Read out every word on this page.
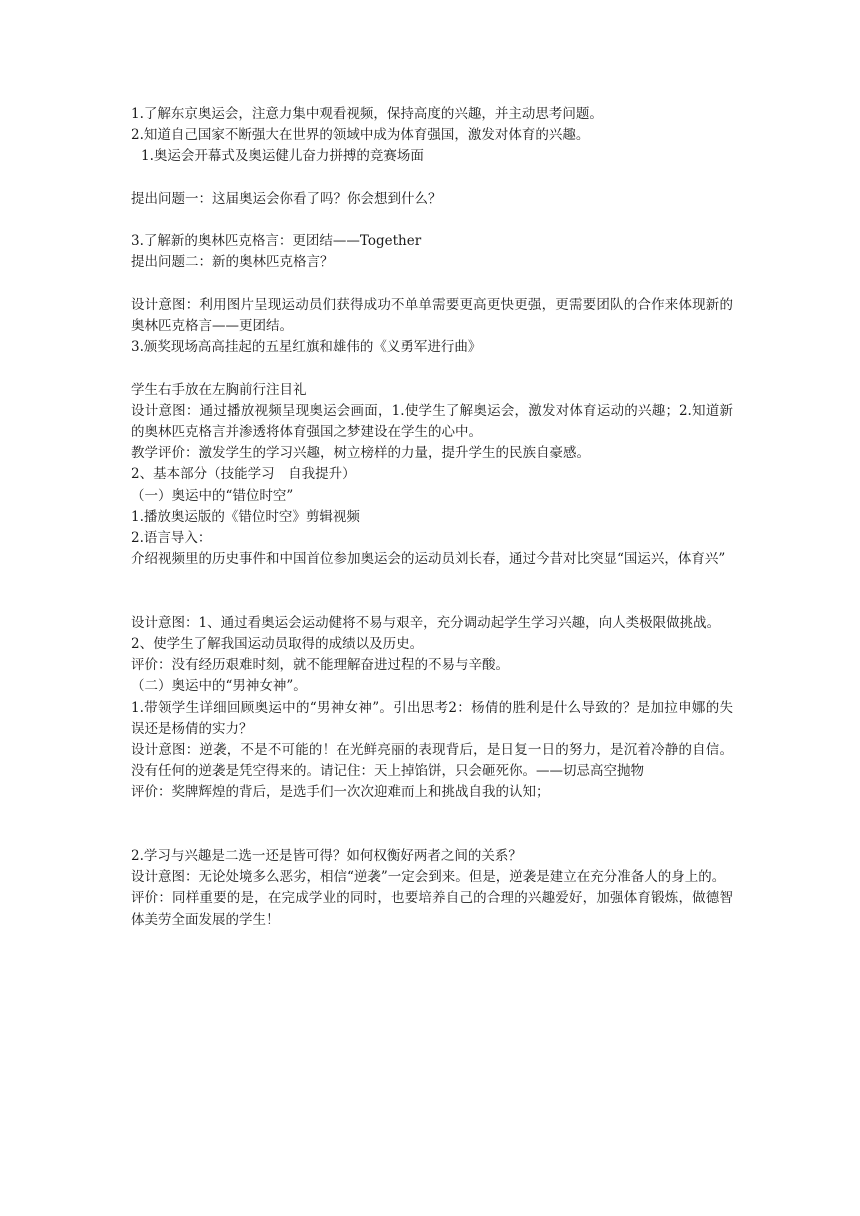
1.了解东京奥运会，注意力集中观看视频，保持高度的兴趣，并主动思考问题。

2.知道自己国家不断强大在世界的领域中成为体育强国，激发对体育的兴趣。

1.奥运会开幕式及奥运健儿奋力拼搏的竞赛场面

提出问题一：这届奥运会你看了吗？你会想到什么？

3.了解新的奥林匹克格言：更团结——Together

提出问题二：新的奥林匹克格言？

设计意图：利用图片呈现运动员们获得成功不单单需要更高更快更强，更需要团队的合作来体现新的奥林匹克格言——更团结。

3.颁奖现场高高挂起的五星红旗和雄伟的《义勇军进行曲》

学生右手放在左胸前行注目礼

设计意图：通过播放视频呈现奥运会画面，1.使学生了解奥运会，激发对体育运动的兴趣；2.知道新的奥林匹克格言并渗透将体育强国之梦建设在学生的心中。

教学评价：激发学生的学习兴趣，树立榜样的力量，提升学生的民族自豪感。

2、基本部分（技能学习　自我提升）

（一）奥运中的“错位时空”

1.播放奥运版的《错位时空》剪辑视频

2.语言导入：

介绍视频里的历史事件和中国首位参加奥运会的运动员刘长春，通过今昔对比突显“国运兴，体育兴”

设计意图：1、通过看奥运会运动健将不易与艰辛，充分调动起学生学习兴趣，向人类极限做挑战。

2、使学生了解我国运动员取得的成绩以及历史。

评价：没有经历艰难时刻，就不能理解奋进过程的不易与辛酸。

（二）奥运中的“男神女神”。

1.带领学生详细回顾奥运中的“男神女神”。引出思考2：杨倩的胜利是什么导致的？是加拉申娜的失误还是杨倩的实力？

设计意图：逆袭，不是不可能的！在光鲜亮丽的表现背后，是日复一日的努力，是沉着冷静的自信。没有任何的逆袭是凭空得来的。请记住：天上掉馅饼，只会砸死你。——切忌高空抛物

评价：奖牌辉煌的背后，是选手们一次次迎难而上和挑战自我的认知；

2.学习与兴趣是二选一还是皆可得？如何权衡好两者之间的关系？

设计意图：无论处境多么恶劣，相信“逆袭”一定会到来。但是，逆袭是建立在充分准备人的身上的。

评价：同样重要的是，在完成学业的同时，也要培养自己的合理的兴趣爱好，加强体育锻炼，做德智体美劳全面发展的学生！
